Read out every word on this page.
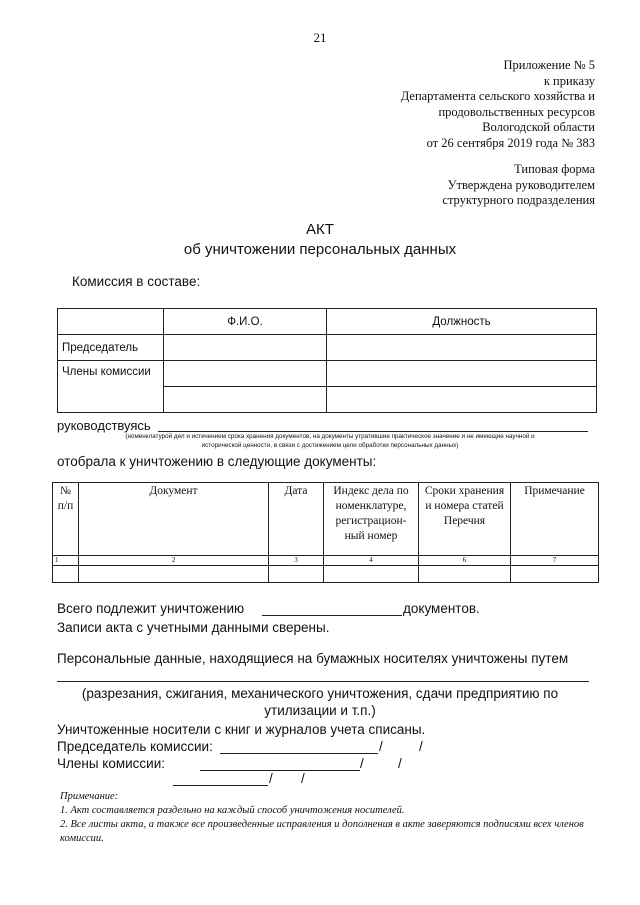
21
Приложение № 5
к приказу
Департамента сельского хозяйства и
продовольственных ресурсов
Вологодской области
от 26 сентября 2019 года № 383
Типовая форма
Утверждена руководителем
структурного подразделения
АКТ
об уничтожении персональных данных
Комиссия в составе:
	Ф.И.О.	Должность
Председатель		
Члены комиссии		

руководствуясь
(номенклатурой дел и истечением срока хранения документов, на документы утратившие практическое значение и не имеющие научной и
исторической ценности, в связи с достижением цели обработки персональных данных)
отобрала к уничтожению в следующие документы:
№ п/п	Документ	Дата	Индекс дела по номенклатуре, регистрацион-ный номер	Сроки хранения и номера статей Перечня	Примечание
1	2	3	4	6	7

Всего подлежит уничтожению	документов.
Записи акта с учетными данными сверены.
Персональные данные, находящиеся на бумажных носителях уничтожены путем
(разрезания, сжигания, механического уничтожения, сдачи предприятию по
утилизации и т.п.)
Уничтоженные носители с книг и журналов учета списаны.
Председатель комиссии:	/	/
Члены комиссии:	/	/
/ /
Примечание:
1. Акт составляется раздельно на каждый способ уничтожения носителей.
2. Все листы акта, а также все произведенные исправления и дополнения в акте заверяются подписями всех членов комиссии.
